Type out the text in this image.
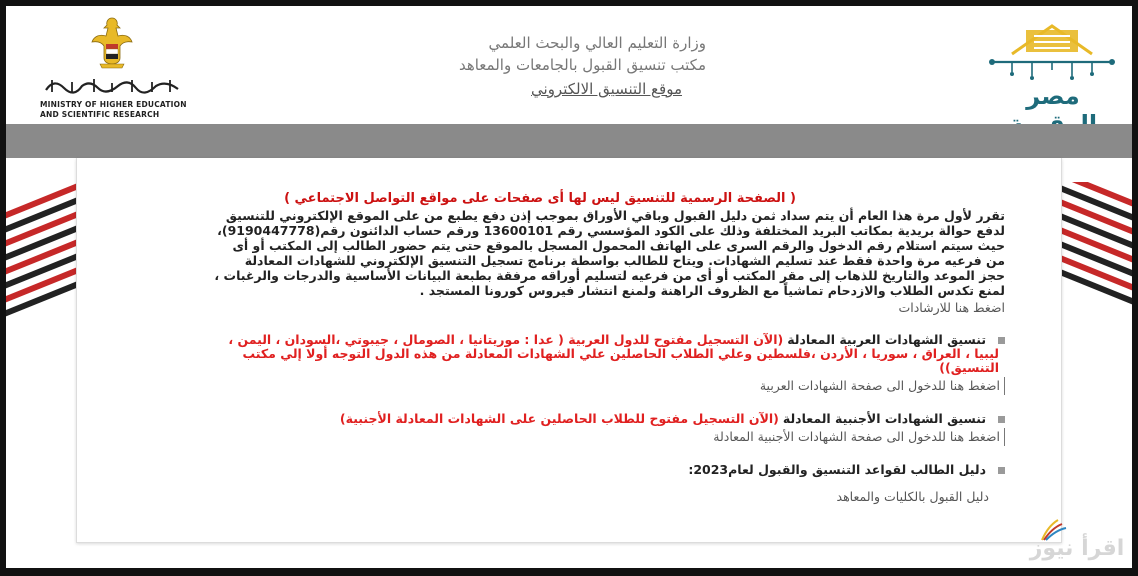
MINISTRY OF HIGHER EDUCATION
AND SCIENTIFIC RESEARCH
وزارة التعليم العالي والبحث العلمي
مكتب تنسيق القبول بالجامعات والمعاهد
موقع التنسيق الالكتروني	مصر
( الصفحة الرسمية للتنسيق ليس لها أى صفحات على مواقع التواصل الاجتماعي )

تقرر لأول مرة هذا العام أن يتم سداد ثمن دليل القبول وباقي الأوراق بموجب إذن دفع يطبع من على الموقع الإلكتروني للتنسيق

لدفع حوالة بريدية بمكاتب البريد المختلفة وذلك على الكود المؤسسي رقم 13600101 ورقم حساب الدائنون رقم(9190447778)،

حيث سيتم استلام رقم الدخول والرقم السرى على الهاتف المحمول المسجل بالموقع حتى يتم حضور الطالب إلى المكتب أو أى

من فرعيه مرة واحدة فقط عند تسليم الشهادات. ويتاح للطالب بواسطة برنامج تسجيل التنسيق الإلكتروني للشهادات المعادلة

حجز الموعد والتاريخ للذهاب إلى مقر المكتب أو أى من فرعيه لتسليم أوراقه مرفقة بطبعة البيانات الأساسية والدرجات والرغبات ،

لمنع تكدس الطلاب والازدحام تماشياً مع الظروف الراهنة ولمنع انتشار فيروس كورونا المستجد .

اضغط هنا للارشادات
تنسيق الشهادات العربية المعادلة (الآن التسجيل مفتوح للدول العربية ( عدا : موريتانيا ، الصومال ، جيبوتي ،السودان ، اليمن ،
ليبيا ، العراق ، سوريا ، الأردن ،فلسطين وعلي الطلاب الحاصلين علي الشهادات المعادلة من هذه الدول التوجه أولا إلي مكتب
التنسيق))
اضغط هنا للدخول الى صفحة الشهادات العربية
تنسيق الشهادات الأجنبية المعادلة (الآن التسجيل مفتوح للطلاب الحاصلين على الشهادات المعادلة الأجنبية)
اضغط هنا للدخول الى صفحة الشهادات الأجنبية المعادلة
دليل الطالب لقواعد التنسيق والقبول لعام2023:
دليل القبول بالكليات والمعاهد
اقرأ نيوز
